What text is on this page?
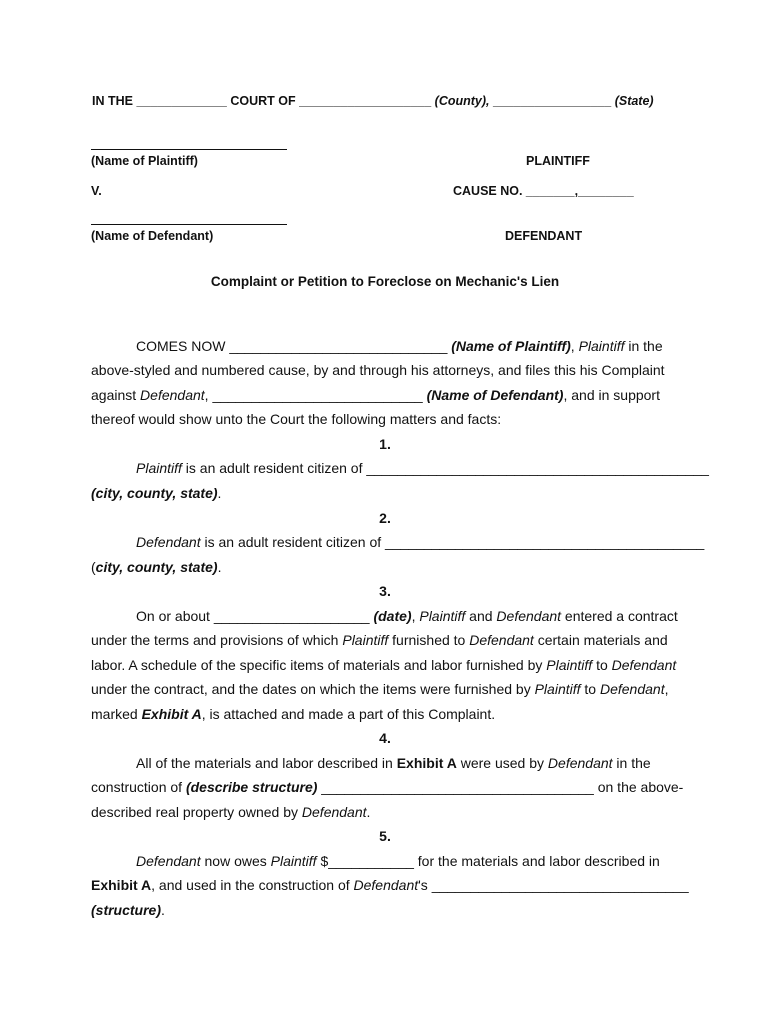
IN THE _____________ COURT OF ___________________ (County), _________________ (State)
(Name of Plaintiff)	PLAINTIFF
V.	CAUSE NO. _______,________
(Name of Defendant)	DEFENDANT
Complaint or Petition to Foreclose on Mechanic's Lien
COMES NOW ____________________________ (Name of Plaintiff), Plaintiff in the
above-styled and numbered cause, by and through his attorneys, and files this his Complaint
against Defendant, ___________________________ (Name of Defendant), and in support
thereof would show unto the Court the following matters and facts:
1.
Plaintiff is an adult resident citizen of ____________________________________________
(city, county, state).
2.
Defendant is an adult resident citizen of _________________________________________
(city, county, state).
3.
On or about ____________________ (date), Plaintiff and Defendant entered a contract
under the terms and provisions of which Plaintiff furnished to Defendant certain materials and
labor. A schedule of the specific items of materials and labor furnished by Plaintiff to Defendant
under the contract, and the dates on which the items were furnished by Plaintiff to Defendant,
marked Exhibit A, is attached and made a part of this Complaint.
4.
All of the materials and labor described in Exhibit A were used by Defendant in the
construction of (describe structure) ___________________________________ on the above-
described real property owned by Defendant.
5.
Defendant now owes Plaintiff $___________ for the materials and labor described in
Exhibit A, and used in the construction of Defendant's _________________________________
(structure).
